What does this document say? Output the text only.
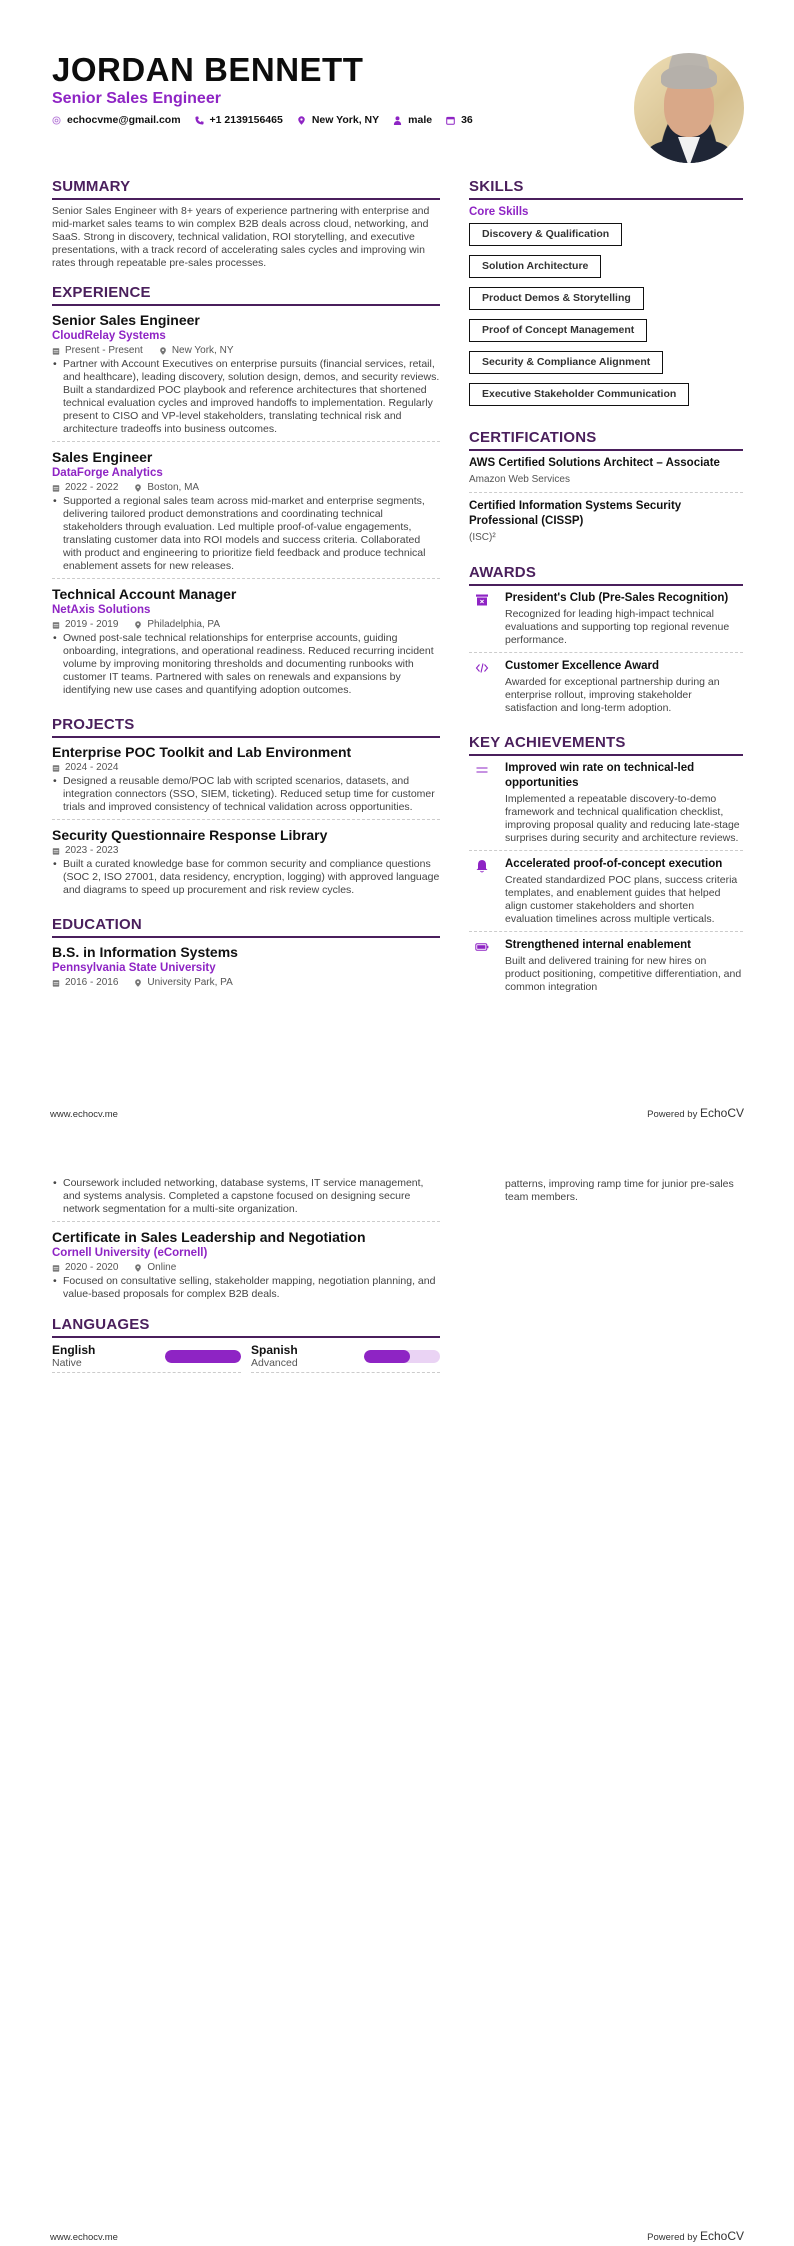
JORDAN BENNETT
Senior Sales Engineer
echocvme@gmail.com	+1 2139156465	New York, NY	male	36
SUMMARY
Senior Sales Engineer with 8+ years of experience partnering with enterprise and mid-market sales teams to win complex B2B deals across cloud, networking, and SaaS. Strong in discovery, technical validation, ROI storytelling, and executive presentations, with a track record of accelerating sales cycles and improving win rates through repeatable pre-sales processes.
EXPERIENCE
Senior Sales Engineer
CloudRelay Systems
Present - Present	New York, NY
• Partner with Account Executives on enterprise pursuits (financial services, retail, and healthcare), leading discovery, solution design, demos, and security reviews. Built a standardized POC playbook and reference architectures that shortened technical evaluation cycles and improved handoffs to implementation. Regularly present to CISO and VP-level stakeholders, translating technical risk and architecture tradeoffs into business outcomes.
Sales Engineer
DataForge Analytics
2022 - 2022	Boston, MA
• Supported a regional sales team across mid-market and enterprise segments, delivering tailored product demonstrations and coordinating technical stakeholders through evaluation. Led multiple proof-of-value engagements, translating customer data into ROI models and success criteria. Collaborated with product and engineering to prioritize field feedback and produce technical enablement assets for new releases.
Technical Account Manager
NetAxis Solutions
2019 - 2019	Philadelphia, PA
• Owned post-sale technical relationships for enterprise accounts, guiding onboarding, integrations, and operational readiness. Reduced recurring incident volume by improving monitoring thresholds and documenting runbooks with customer IT teams. Partnered with sales on renewals and expansions by identifying new use cases and quantifying adoption outcomes.
PROJECTS
Enterprise POC Toolkit and Lab Environment
2024 - 2024
• Designed a reusable demo/POC lab with scripted scenarios, datasets, and integration connectors (SSO, SIEM, ticketing). Reduced setup time for customer trials and improved consistency of technical validation across opportunities.
Security Questionnaire Response Library
2023 - 2023
• Built a curated knowledge base for common security and compliance questions (SOC 2, ISO 27001, data residency, encryption, logging) with approved language and diagrams to speed up procurement and risk review cycles.
EDUCATION
B.S. in Information Systems
Pennsylvania State University
2016 - 2016	University Park, PA
SKILLS
Core Skills
Discovery & Qualification
Solution Architecture
Product Demos & Storytelling
Proof of Concept Management
Security & Compliance Alignment
Executive Stakeholder Communication
CERTIFICATIONS
AWS Certified Solutions Architect – Associate
Amazon Web Services
Certified Information Systems Security Professional (CISSP)
(ISC)²
AWARDS
President's Club (Pre-Sales Recognition)
Recognized for leading high-impact technical evaluations and supporting top regional revenue performance.
Customer Excellence Award
Awarded for exceptional partnership during an enterprise rollout, improving stakeholder satisfaction and long-term adoption.
KEY ACHIEVEMENTS
Improved win rate on technical-led opportunities
Implemented a repeatable discovery-to-demo framework and technical qualification checklist, improving proposal quality and reducing late-stage surprises during security and architecture reviews.
Accelerated proof-of-concept execution
Created standardized POC plans, success criteria templates, and enablement guides that helped align customer stakeholders and shorten evaluation timelines across multiple verticals.
Strengthened internal enablement
Built and delivered training for new hires on product positioning, competitive differentiation, and common integration
www.echocv.me	Powered by EchoCV
• Coursework included networking, database systems, IT service management, and systems analysis. Completed a capstone focused on designing secure network segmentation for a multi-site organization.
Certificate in Sales Leadership and Negotiation
Cornell University (eCornell)
2020 - 2020	Online
• Focused on consultative selling, stakeholder mapping, negotiation planning, and value-based proposals for complex B2B deals.
LANGUAGES
English
Native
Spanish
Advanced
patterns, improving ramp time for junior pre-sales team members.
www.echocv.me	Powered by EchoCV
